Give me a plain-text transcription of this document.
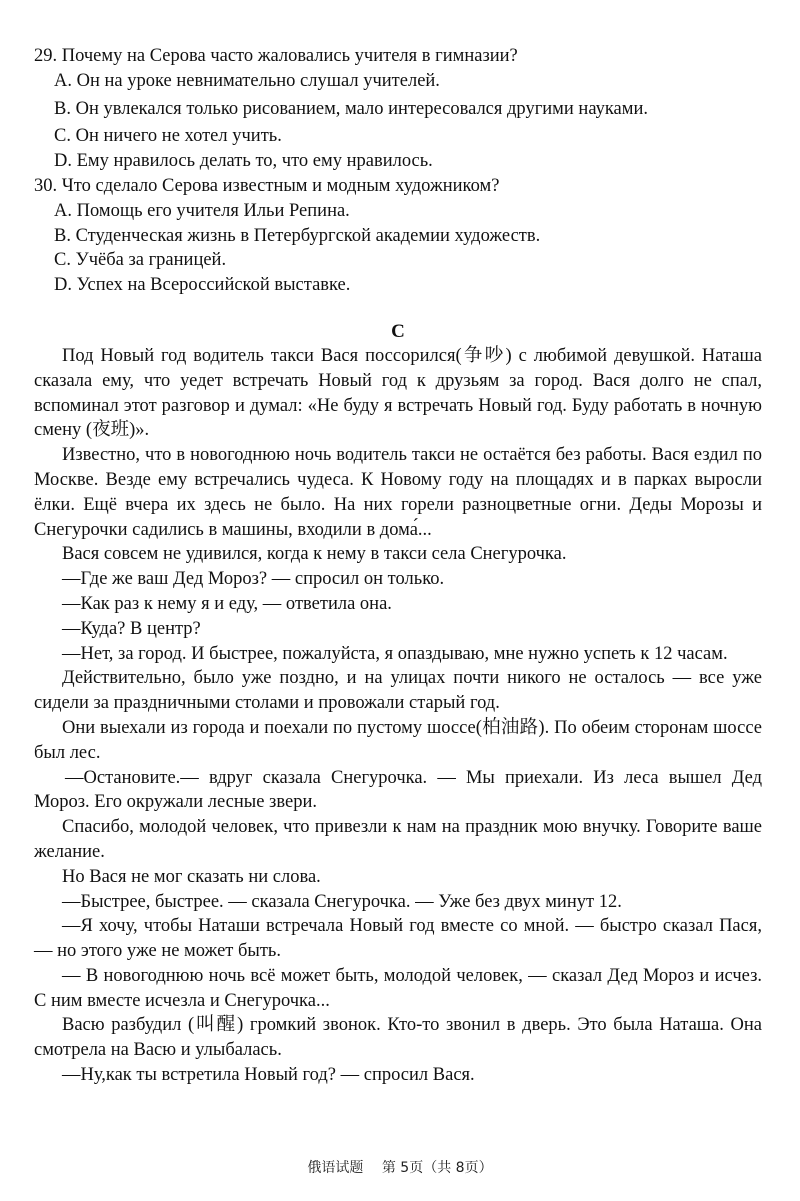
29. Почему на Серова часто жаловались учителя в гимназии?

A. Он на уроке невнимательно слушал учителей.

B. Он увлекался только рисованием, мало интересовался другими науками.

C. Он ничего не хотел учить.

D. Ему нравилось делать то, что ему нравилось.

30. Что сделало Серова известным и модным художником?

A. Помощь его учителя Ильи Репина.

B. Студенческая жизнь в Петербургской академии художеств.

C. Учёба за границей.

D. Успех на Всероссийской выставке.

С

Под Новый год водитель такси Вася поссорился(争吵) с любимой девушкой. Наташа сказала ему, что уедет встречать Новый год к друзьям за город. Вася долго не спал, вспоминал этот разговор и думал: «Не буду я встречать Новый год. Буду работать в ночную смену (夜班)».

Известно, что в новогоднюю ночь водитель такси не остаётся без работы. Вася ездил по Москве. Везде ему встречались чудеса. К Новому году на площадях и в парках выросли ёлки. Ещё вчера их здесь не было. На них горели разноцветные огни. Деды Морозы и Снегурочки садились в машины, входили в дома́...

Вася совсем не удивился, когда к нему в такси села Снегурочка.

—Где же ваш Дед Мороз? — спросил он только.

—Как раз к нему я и еду, — ответила она.

—Куда? В центр?

—Нет, за город. И быстрее, пожалуйста, я опаздываю, мне нужно успеть к 12 часам.

Действительно, было уже поздно, и на улицах почти никого не осталось — все уже сидели за праздничными столами и провожали старый год.

Они выехали из города и поехали по пустому шоссе(柏油路). По обеим сторонам шоссе был лес.

—Остановите.— вдруг сказала Снегурочка. — Мы приехали. Из леса вышел Дед Мороз. Его окружали лесные звери.

Спасибо, молодой человек, что привезли к нам на праздник мою внучку. Говорите ваше желание.

Но Вася не мог сказать ни слова.

—Быстрее, быстрее. — сказала Снегурочка. — Уже без двух минут 12.

—Я хочу, чтобы Наташи встречала Новый год вместе со мной. — быстро сказал Пася, — но этого уже не может быть.

— В новогоднюю ночь всё может быть, молодой человек, — сказал Дед Мороз и исчез. С ним вместе исчезла и Снегурочка...

Васю разбудил (叫醒) громкий звонок. Кто-то звонил в дверь. Это была Наташа. Она смотрела на Васю и улыбалась.

—Ну,как ты встретила Новый год? — спросил Вася.

俄语试题 第 5页（共 8页）
